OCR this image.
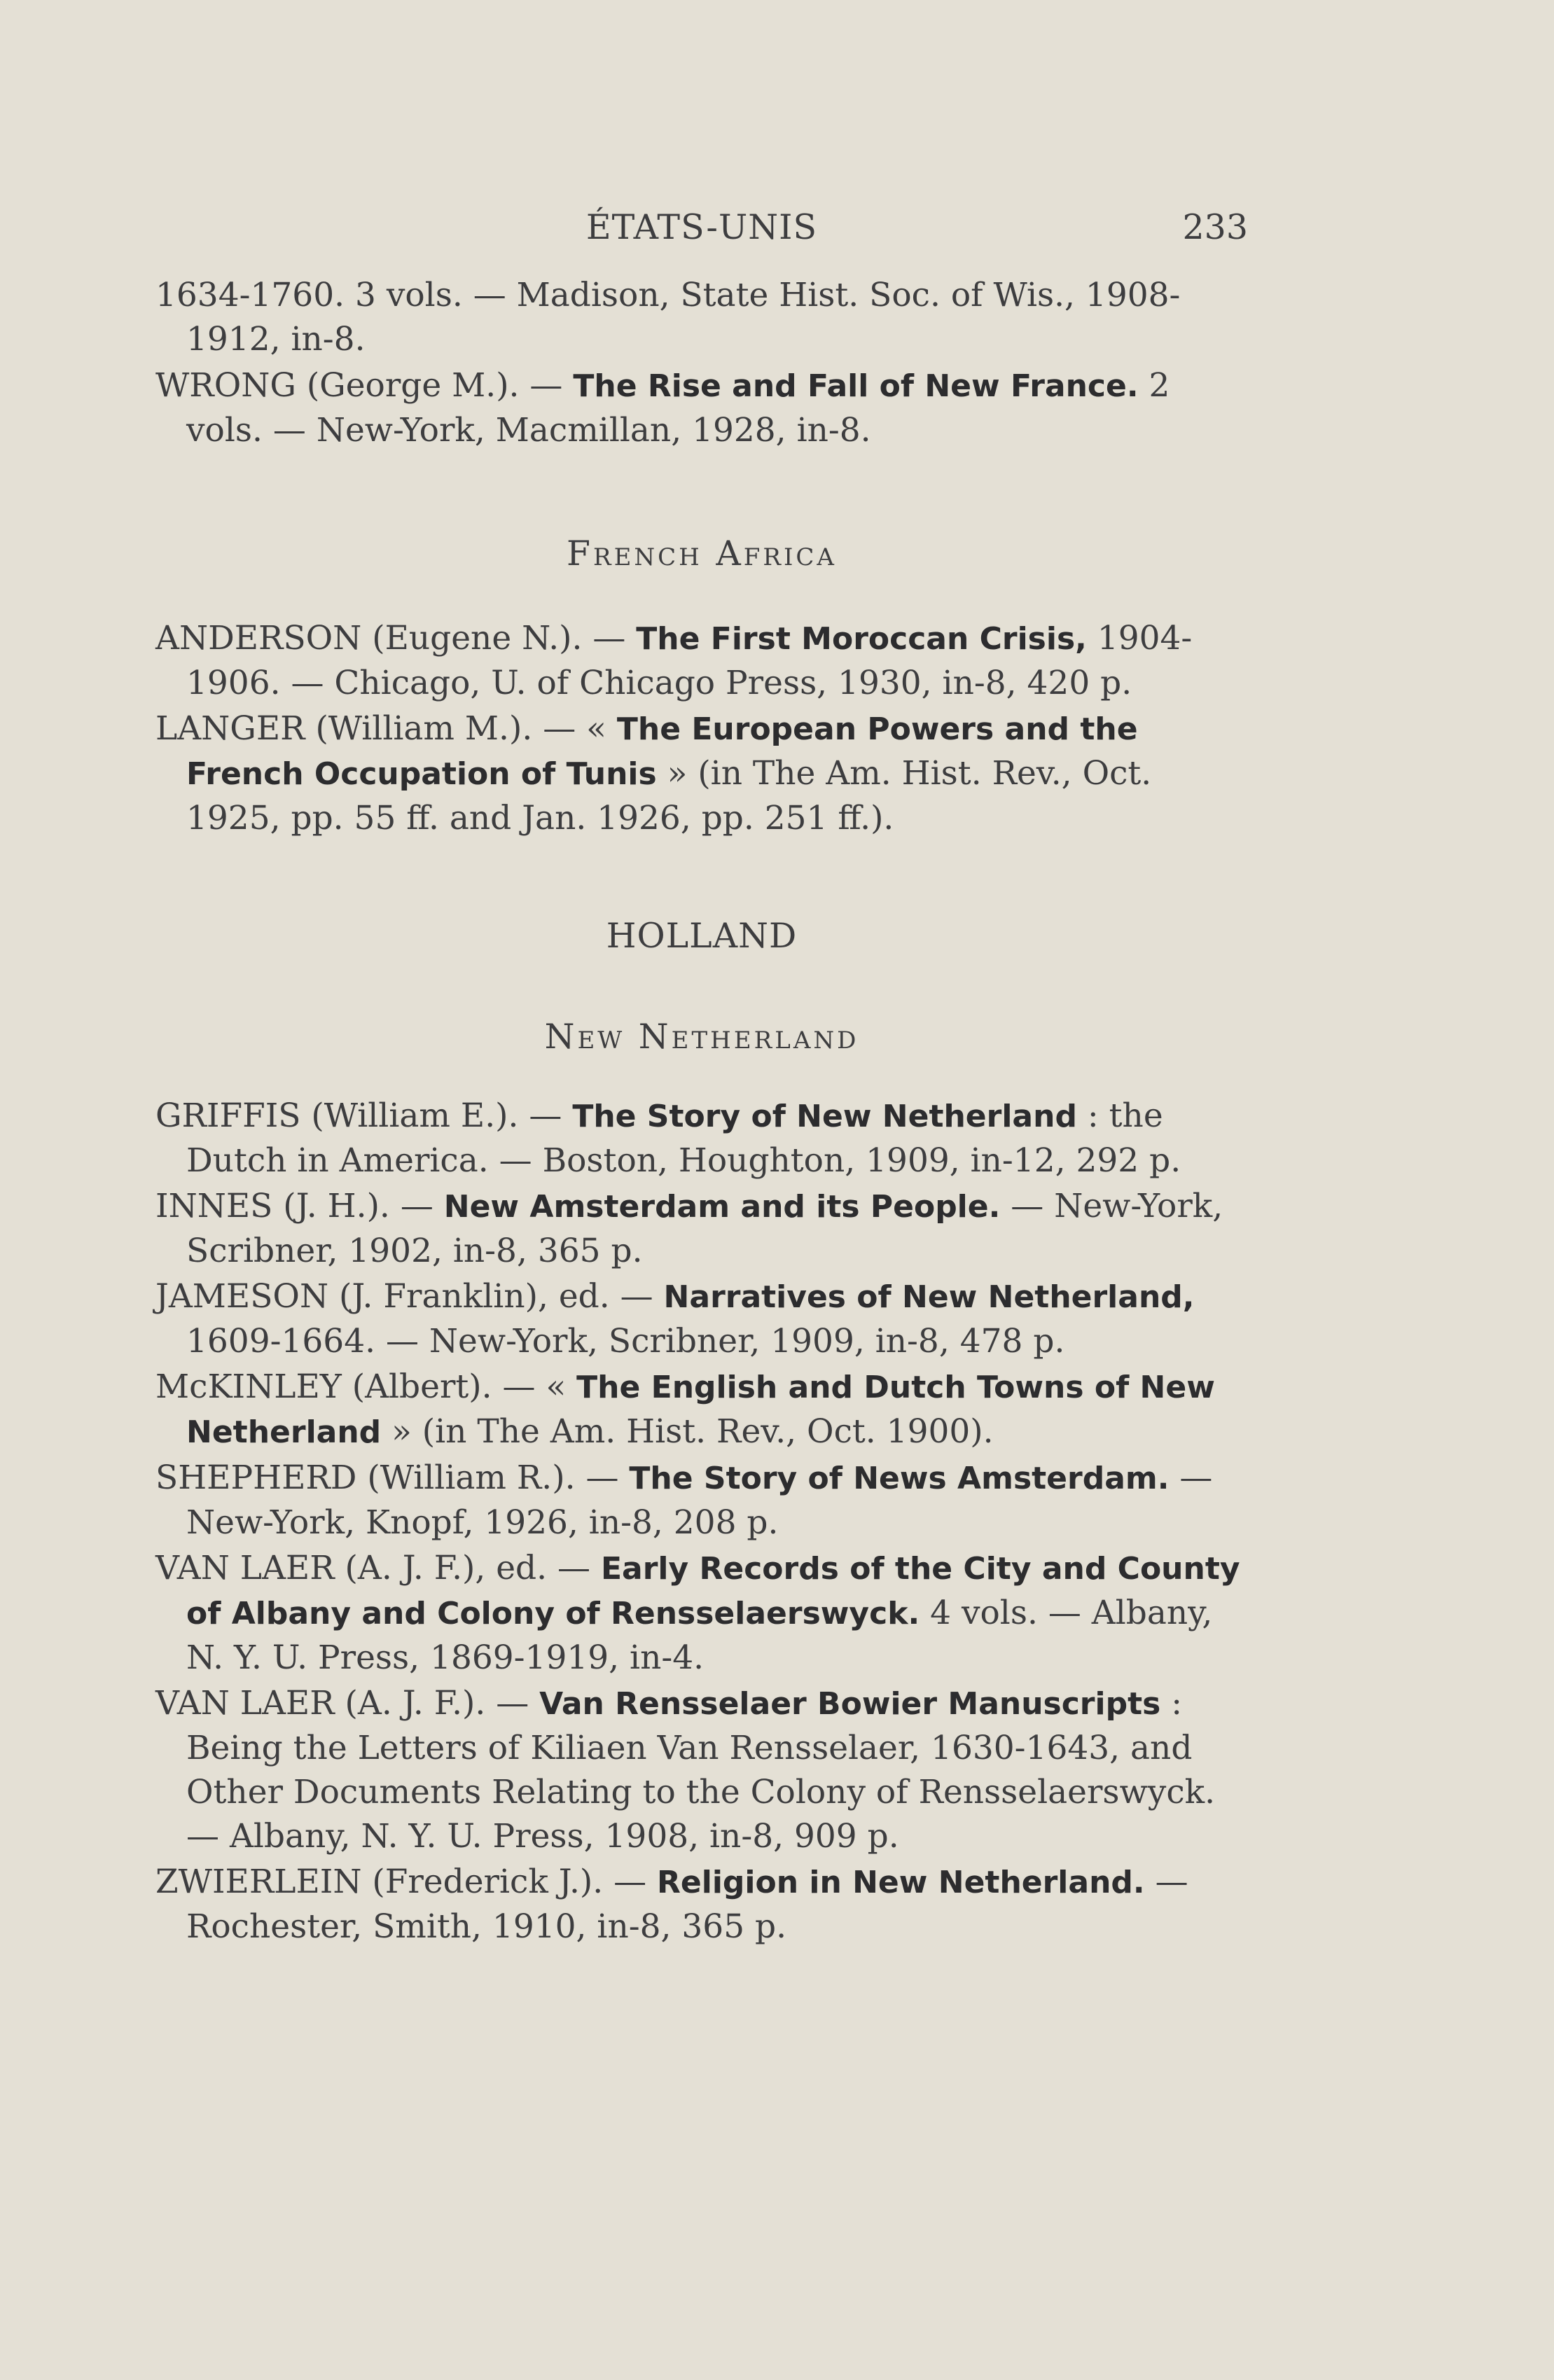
ÉTATS-UNIS	233

1634-1760. 3 vols. — Madison, State Hist. Soc. of Wis., 1908-1912, in-8.

WRONG (George M.). — The Rise and Fall of New France. 2 vols. — New-York, Macmillan, 1928, in-8.

French Africa

ANDERSON (Eugene N.). — The First Moroccan Crisis, 1904-1906. — Chicago, U. of Chicago Press, 1930, in-8, 420 p.

LANGER (William M.). — « The European Powers and the French Occupation of Tunis » (in The Am. Hist. Rev., Oct. 1925, pp. 55 ff. and Jan. 1926, pp. 251 ff.).

HOLLAND
New Netherland

GRIFFIS (William E.). — The Story of New Netherland : the Dutch in America. — Boston, Houghton, 1909, in-12, 292 p.

INNES (J. H.). — New Amsterdam and its People. — New-York, Scribner, 1902, in-8, 365 p.

JAMESON (J. Franklin), ed. — Narratives of New Netherland, 1609-1664. — New-York, Scribner, 1909, in-8, 478 p.

McKINLEY (Albert). — « The English and Dutch Towns of New Netherland » (in The Am. Hist. Rev., Oct. 1900).

SHEPHERD (William R.). — The Story of News Amsterdam. — New-York, Knopf, 1926, in-8, 208 p.

VAN LAER (A. J. F.), ed. — Early Records of the City and County of Albany and Colony of Rensselaerswyck. 4 vols. — Albany, N. Y. U. Press, 1869-1919, in-4.

VAN LAER (A. J. F.). — Van Rensselaer Bowier Manuscripts : Being the Letters of Kiliaen Van Rensselaer, 1630-1643, and Other Documents Relating to the Colony of Rensselaerswyck. — Albany, N. Y. U. Press, 1908, in-8, 909 p.

ZWIERLEIN (Frederick J.). — Religion in New Netherland. — Rochester, Smith, 1910, in-8, 365 p.
